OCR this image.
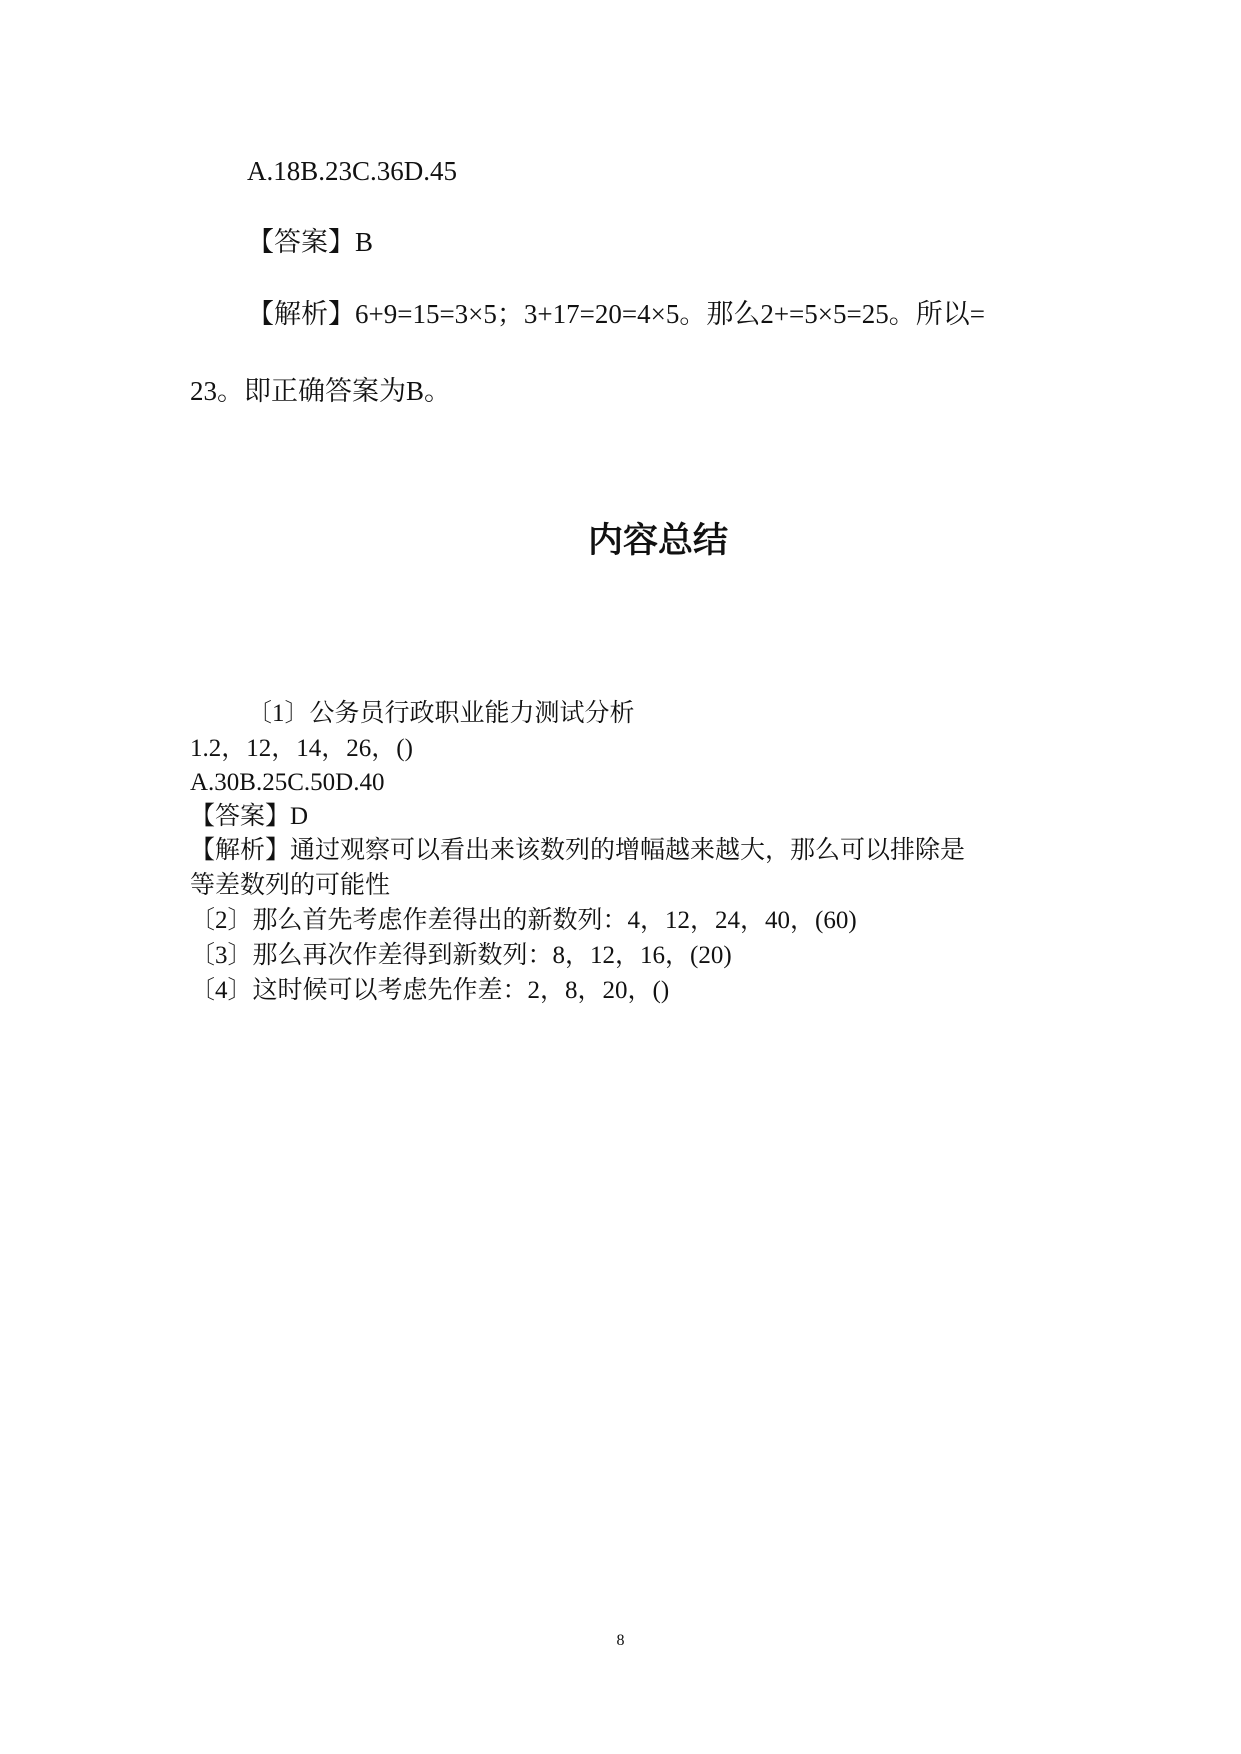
A.18B.23C.36D.45

【答案】B

【解析】6+9=15=3×5；3+17=20=4×5。那么2+=5×5=25。所以=

23。即正确答案为B。

内容总结

〔1〕公务员行政职业能力测试分析

1.2，12，14，26，()

A.30B.25C.50D.40

【答案】D

【解析】通过观察可以看出来该数列的增幅越来越大，那么可以排除是

等差数列的可能性

〔2〕那么首先考虑作差得出的新数列：4，12，24，40，(60)

〔3〕那么再次作差得到新数列：8，12，16，(20)

〔4〕这时候可以考虑先作差：2，8，20，()

8
